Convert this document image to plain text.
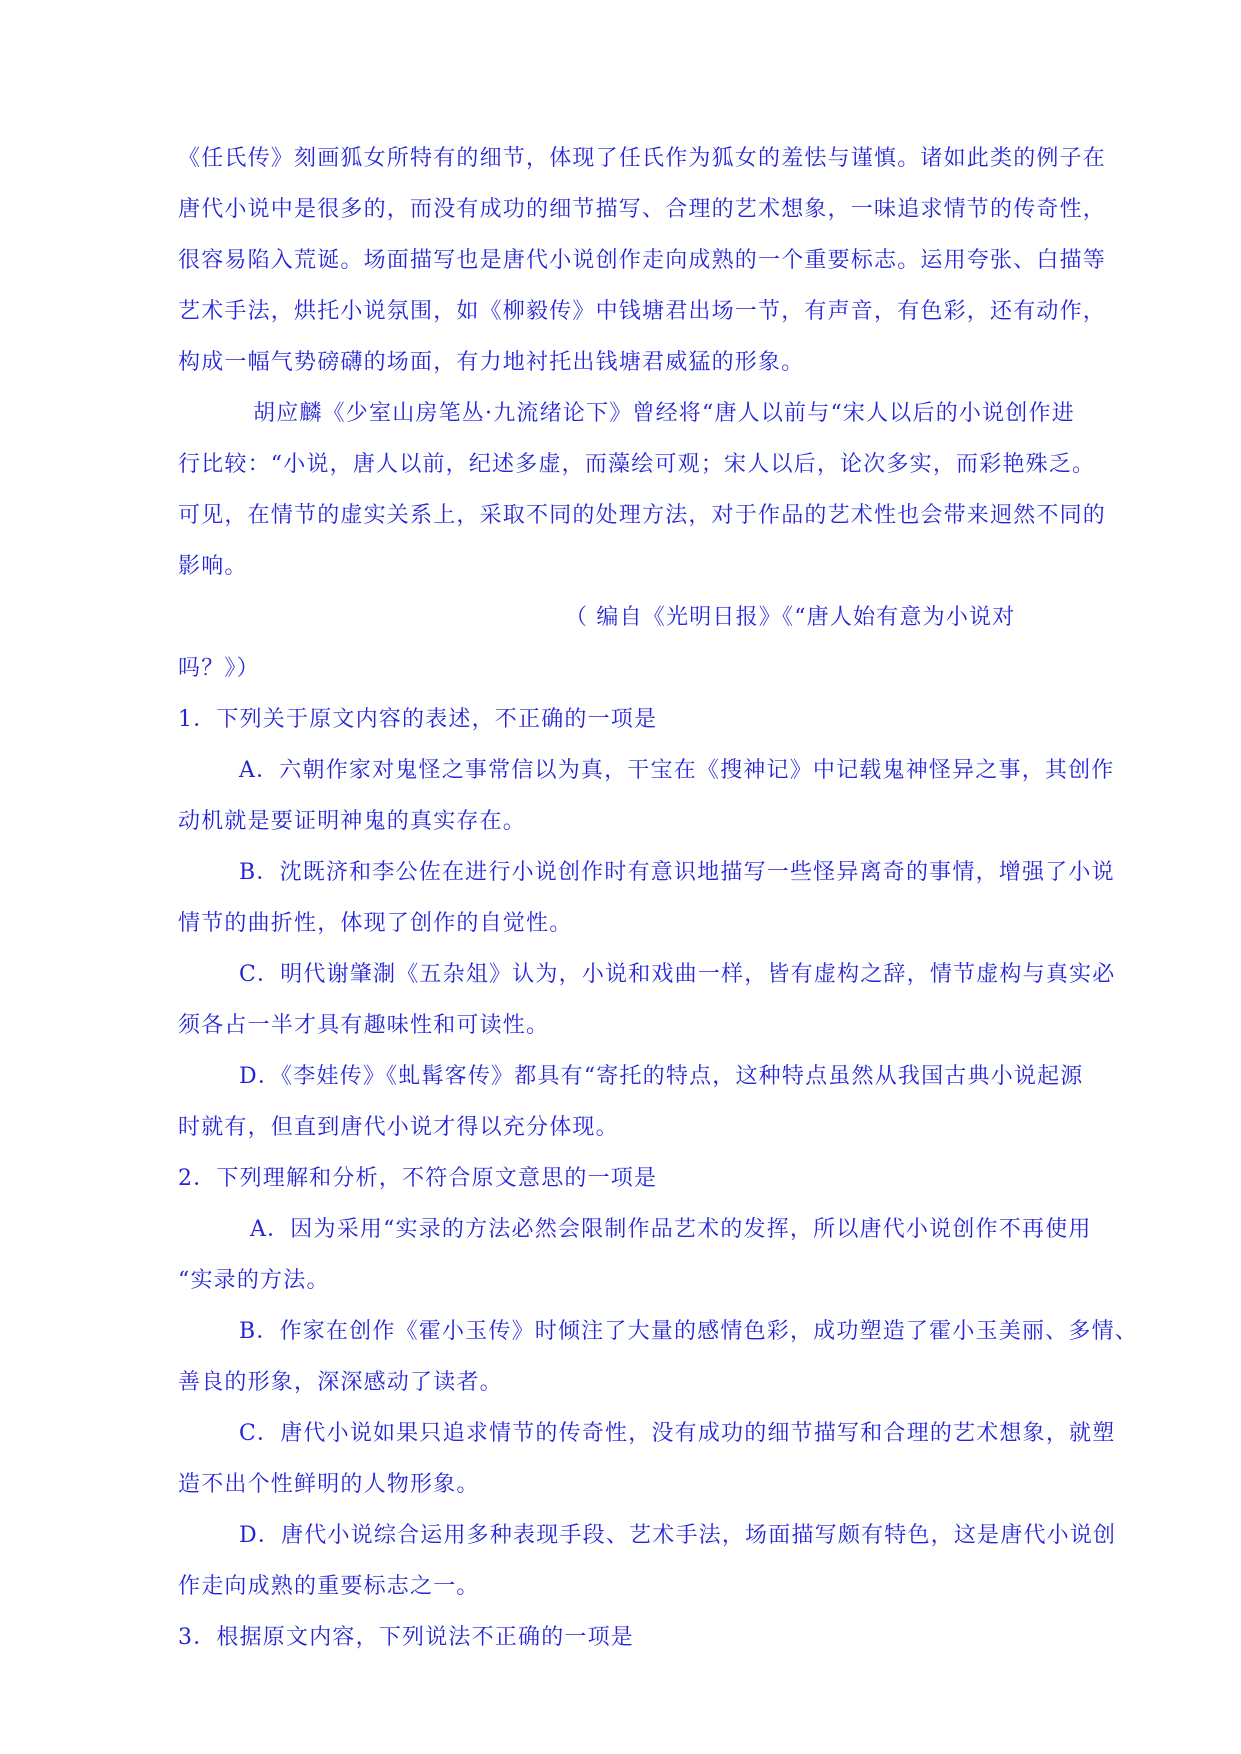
《任氏传》刻画狐女所特有的细节，体现了任氏作为狐女的羞怯与谨慎。诸如此类的例子在
唐代小说中是很多的，而没有成功的细节描写、合理的艺术想象，一味追求情节的传奇性，
很容易陷入荒诞。场面描写也是唐代小说创作走向成熟的一个重要标志。运用夸张、白描等
艺术手法，烘托小说氛围，如《柳毅传》中钱塘君出场一节，有声音，有色彩，还有动作，
构成一幅气势磅礴的场面，有力地衬托出钱塘君威猛的形象。
胡应麟《少室山房笔丛·九流绪论下》曾经将“唐人以前与“宋人以后的小说创作进
行比较：“小说，唐人以前，纪述多虚，而藻绘可观；宋人以后，论次多实，而彩艳殊乏。
可见，在情节的虚实关系上，采取不同的处理方法，对于作品的艺术性也会带来迥然不同的
影响。
（ 编自《光明日报》《“唐人始有意为小说对
吗？》）
1．下列关于原文内容的表述，不正确的一项是
A．六朝作家对鬼怪之事常信以为真，干宝在《搜神记》中记载鬼神怪异之事，其创作
动机就是要证明神鬼的真实存在。
B．沈既济和李公佐在进行小说创作时有意识地描写一些怪异离奇的事情，增强了小说
情节的曲折性，体现了创作的自觉性。
C．明代谢肇淛《五杂俎》认为，小说和戏曲一样，皆有虚构之辞，情节虚构与真实必
须各占一半才具有趣味性和可读性。
D．《李娃传》《虬髯客传》都具有“寄托的特点，这种特点虽然从我国古典小说起源
时就有，但直到唐代小说才得以充分体现。
2．下列理解和分析，不符合原文意思的一项是
A．因为采用“实录的方法必然会限制作品艺术的发挥，所以唐代小说创作不再使用
“实录的方法。
B．作家在创作《霍小玉传》时倾注了大量的感情色彩，成功塑造了霍小玉美丽、多情、
善良的形象，深深感动了读者。
C．唐代小说如果只追求情节的传奇性，没有成功的细节描写和合理的艺术想象，就塑
造不出个性鲜明的人物形象。
D．唐代小说综合运用多种表现手段、艺术手法，场面描写颇有特色，这是唐代小说创
作走向成熟的重要标志之一。
3．根据原文内容，下列说法不正确的一项是
